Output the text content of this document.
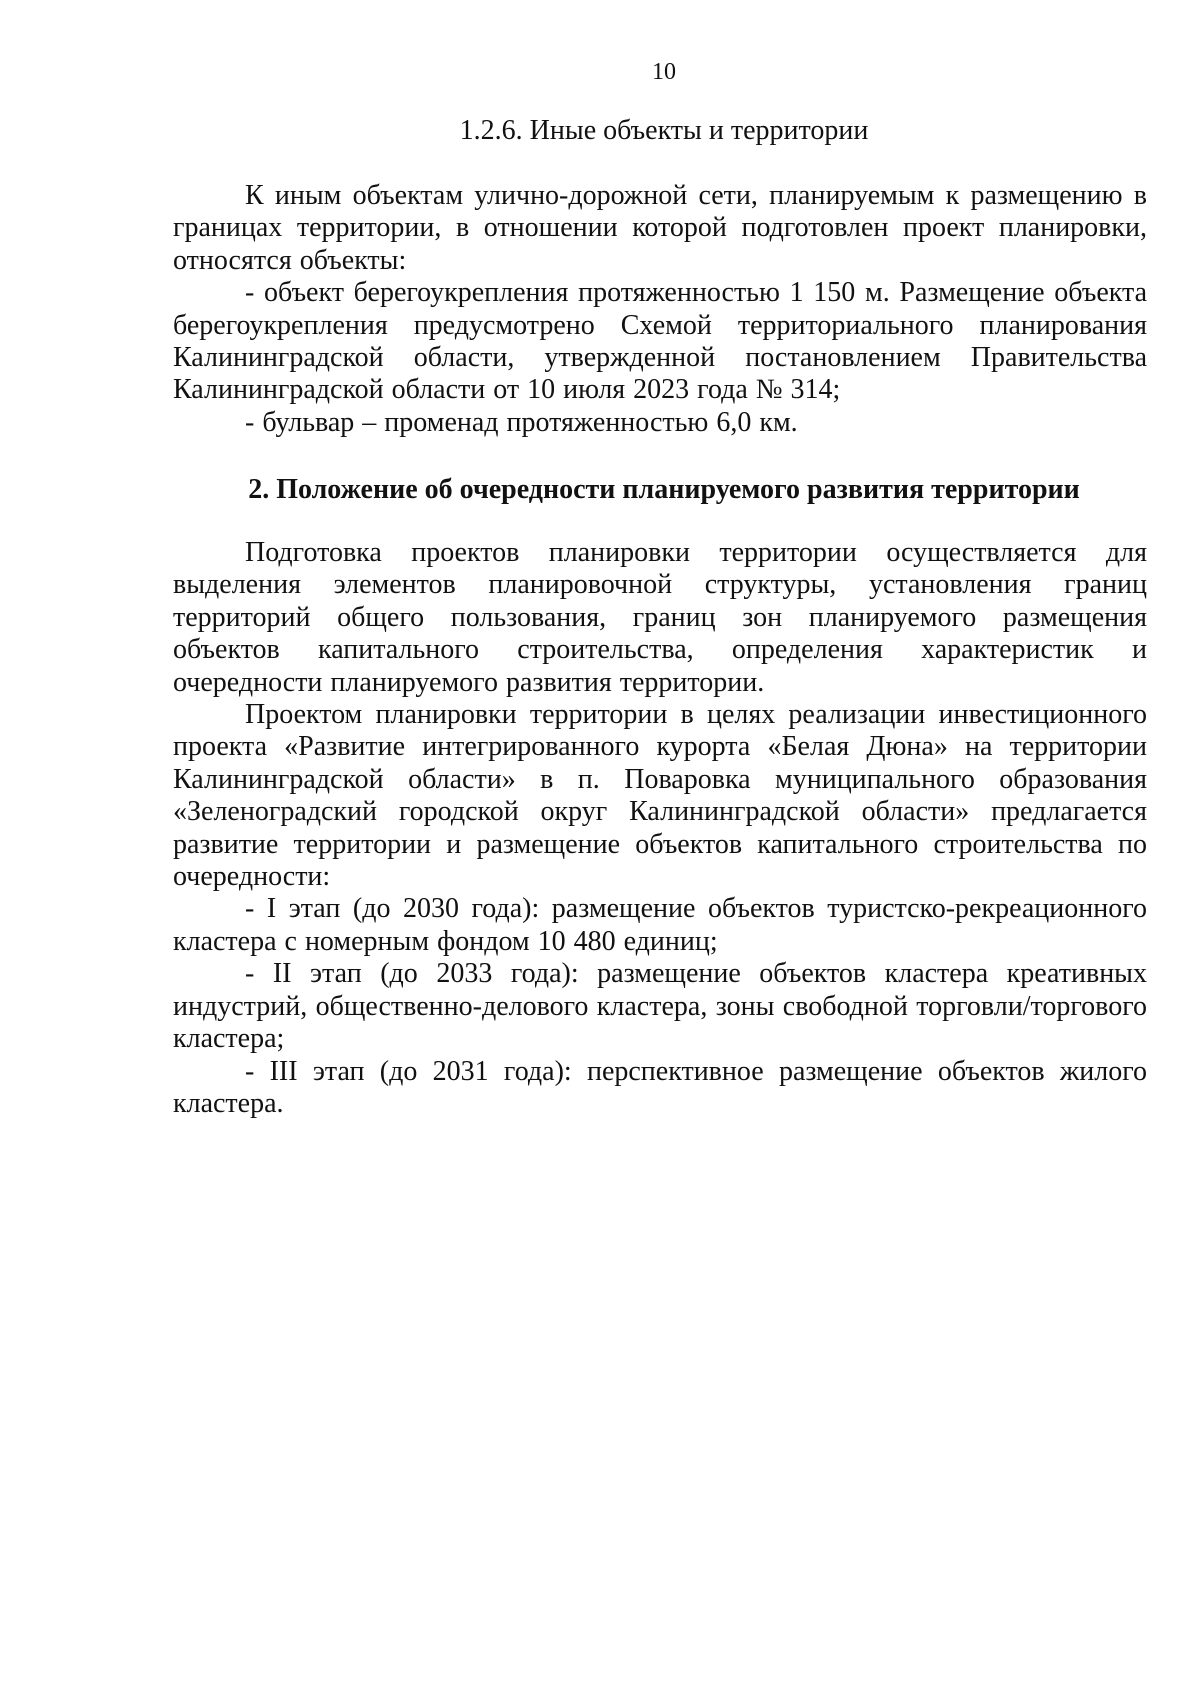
10
1.2.6. Иные объекты и территории

К иным объектам улично-дорожной сети, планируемым к размещению в границах территории, в отношении которой подготовлен проект планировки, относятся объекты:

- объект берегоукрепления протяженностью 1 150 м. Размещение объекта берегоукрепления предусмотрено Схемой территориального планирования Калининградской области, утвержденной постановлением Правительства Калининградской области от 10 июля 2023 года № 314;

- бульвар – променад протяженностью 6,0 км.

2. Положение об очередности планируемого развития территории

Подготовка проектов планировки территории осуществляется для выделения элементов планировочной структуры, установления границ территорий общего пользования, границ зон планируемого размещения объектов капитального строительства, определения характеристик и очередности планируемого развития территории.

Проектом планировки территории в целях реализации инвестиционного проекта «Развитие интегрированного курорта «Белая Дюна» на территории Калининградской области» в п. Поваровка муниципального образования «Зеленоградский городской округ Калининградской области» предлагается развитие территории и размещение объектов капитального строительства по очередности:

- I этап (до 2030 года): размещение объектов туристско-рекреационного кластера с номерным фондом 10 480 единиц;

- II этап (до 2033 года): размещение объектов кластера креативных индустрий, общественно-делового кластера, зоны свободной торговли/торгового кластера;

- III этап (до 2031 года): перспективное размещение объектов жилого кластера.
